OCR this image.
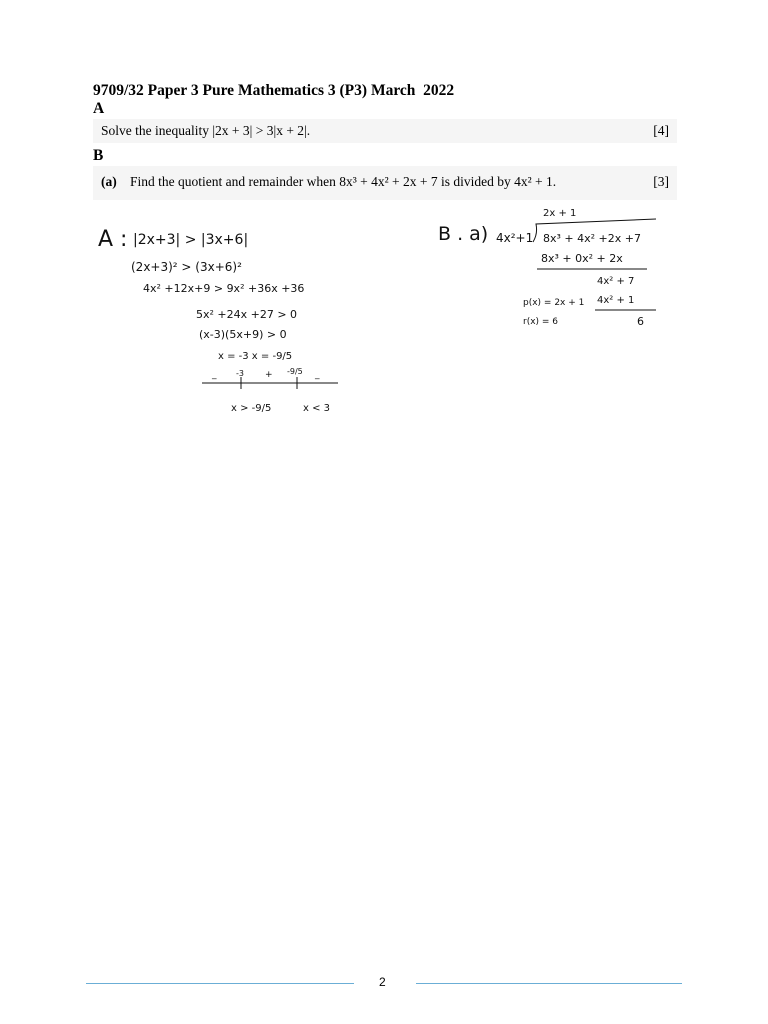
9709/32 Paper 3 Pure Mathematics 3 (P3) March  2022
A
Solve the inequality |2x + 3| > 3|x + 2|.	[4]
B
(a) Find the quotient and remainder when 8x³ + 4x² + 2x + 7 is divided by 4x² + 1.	[3]
A : |2x+3| > |3x+6|
(2x+3)² > (3x+6)²
4x² +12x+9 > 9x² +36x +36
5x² +24x +27 > 0
(x-3)(5x+9) > 0
x = -3 x = -9/5
_	+	_
-3	-9/5
x > -9/5	x < 3
B . a) 4x²+1
2x + 1
8x³ + 4x² +2x +7
8x³ + 0x² + 2x
4x² + 7
4x² + 1
6
p(x) = 2x + 1
r(x) = 6
2
